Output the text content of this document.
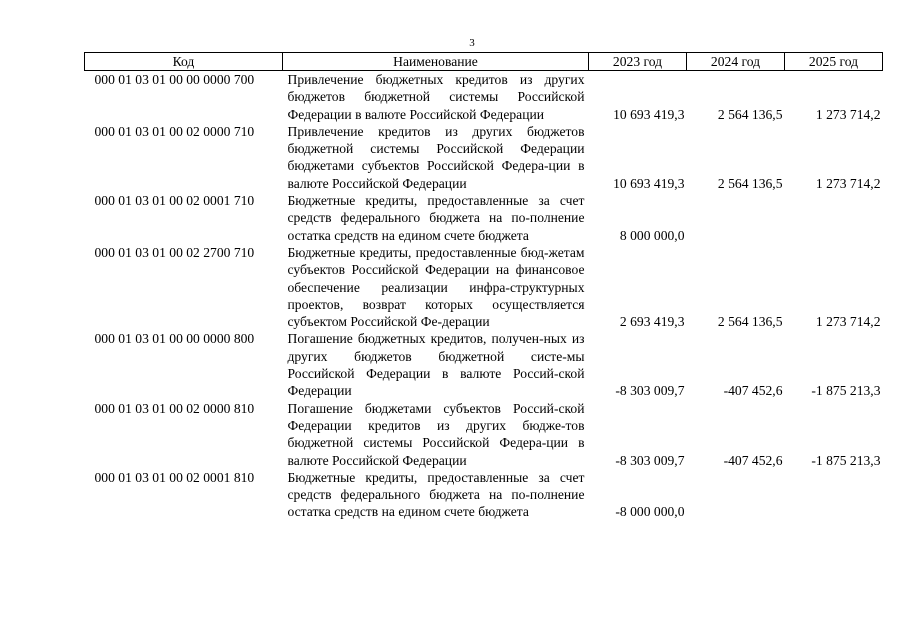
3
Код	Наименование	2023 год	2024 год	2025 год
000 01 03 01 00 00 0000 700	Привлечение бюджетных кредитов из других бюджетов бюджетной системы Российской Федерации в валюте Российской Федерации	10 693 419,3	2 564 136,5	1 273 714,2
000 01 03 01 00 02 0000 710	Привлечение кредитов из других бюджетов бюджетной системы Российской Федерации бюджетами субъектов Российской Федера-ции в валюте Российской Федерации	10 693 419,3	2 564 136,5	1 273 714,2
000 01 03 01 00 02 0001 710	Бюджетные кредиты, предоставленные за счет средств федерального бюджета на по-полнение остатка средств на едином счете бюджета	8 000 000,0		
000 01 03 01 00 02 2700 710	Бюджетные кредиты, предоставленные бюд-жетам субъектов Российской Федерации на финансовое обеспечение реализации инфра-структурных проектов, возврат которых осуществляется субъектом Российской Фе-дерации	2 693 419,3	2 564 136,5	1 273 714,2
000 01 03 01 00 00 0000 800	Погашение бюджетных кредитов, получен-ных из других бюджетов бюджетной систе-мы Российской Федерации в валюте Россий-ской Федерации	-8 303 009,7	-407 452,6	-1 875 213,3
000 01 03 01 00 02 0000 810	Погашение бюджетами субъектов Россий-ской Федерации кредитов из других бюдже-тов бюджетной системы Российской Федера-ции в валюте Российской Федерации	-8 303 009,7	-407 452,6	-1 875 213,3
000 01 03 01 00 02 0001 810	Бюджетные кредиты, предоставленные за счет средств федерального бюджета на по-полнение остатка средств на едином счете бюджета	-8 000 000,0		
